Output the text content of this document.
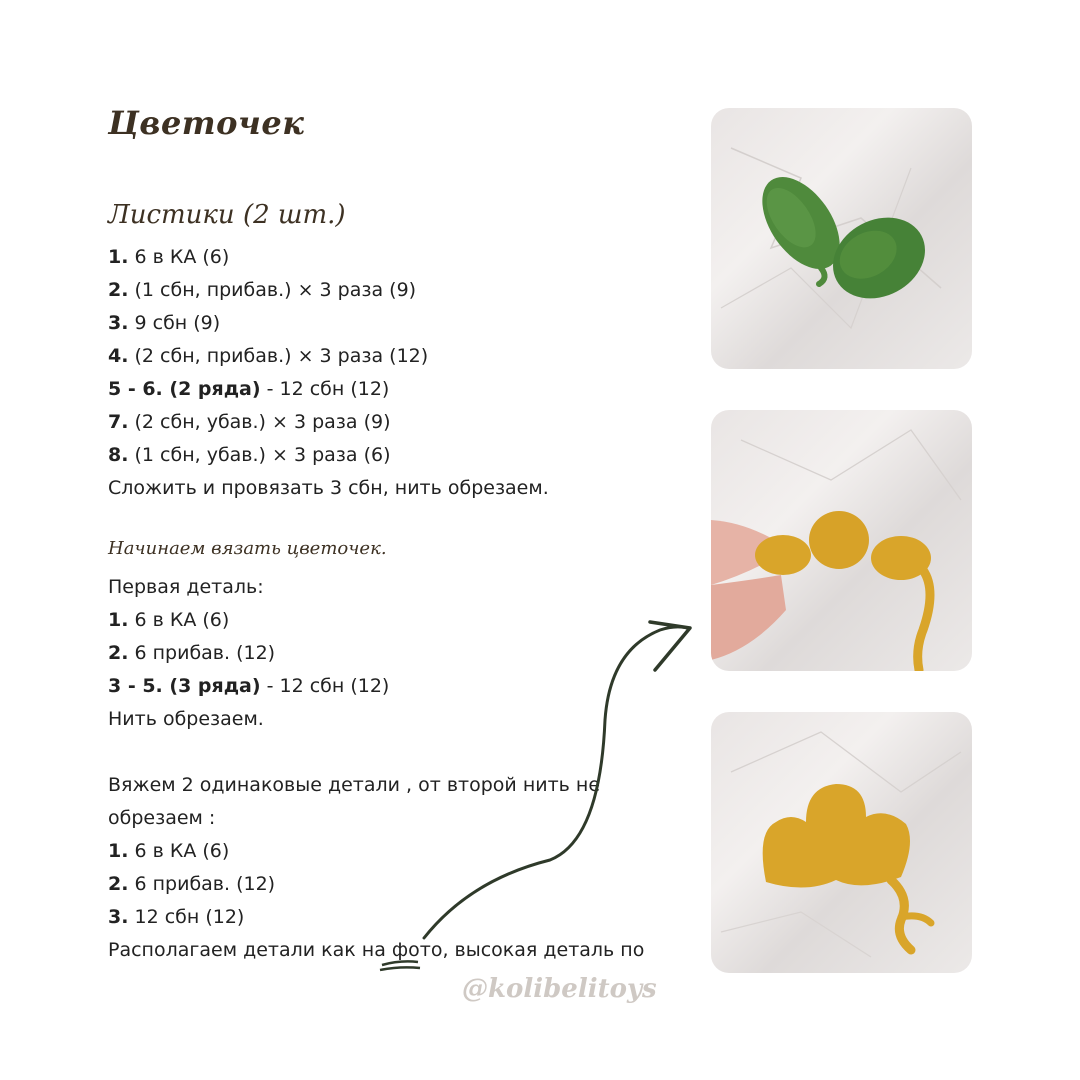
Цветочек
Листики (2 шт.)
1. 6 в КА (6)
2. (1 сбн, прибав.) × 3 раза (9)
3. 9 сбн (9)
4. (2 сбн, прибав.) × 3 раза (12)
5 - 6. (2 ряда) - 12 сбн (12)
7. (2 сбн, убав.) × 3 раза (9)
8. (1 сбн, убав.) × 3 раза (6)
Сложить и провязать 3 сбн, нить обрезаем.
Начинаем вязать цветочек.
Первая деталь:
1. 6 в КА (6)
2. 6 прибав. (12)
3 - 5. (3 ряда) - 12 сбн (12)
Нить обрезаем.
Вяжем 2 одинаковые детали , от второй нить не
обрезаем :
1. 6 в КА (6)
2. 6 прибав. (12)
3. 12 сбн (12)
Располагаем детали как на фото, высокая деталь по
@kolibelitoys
